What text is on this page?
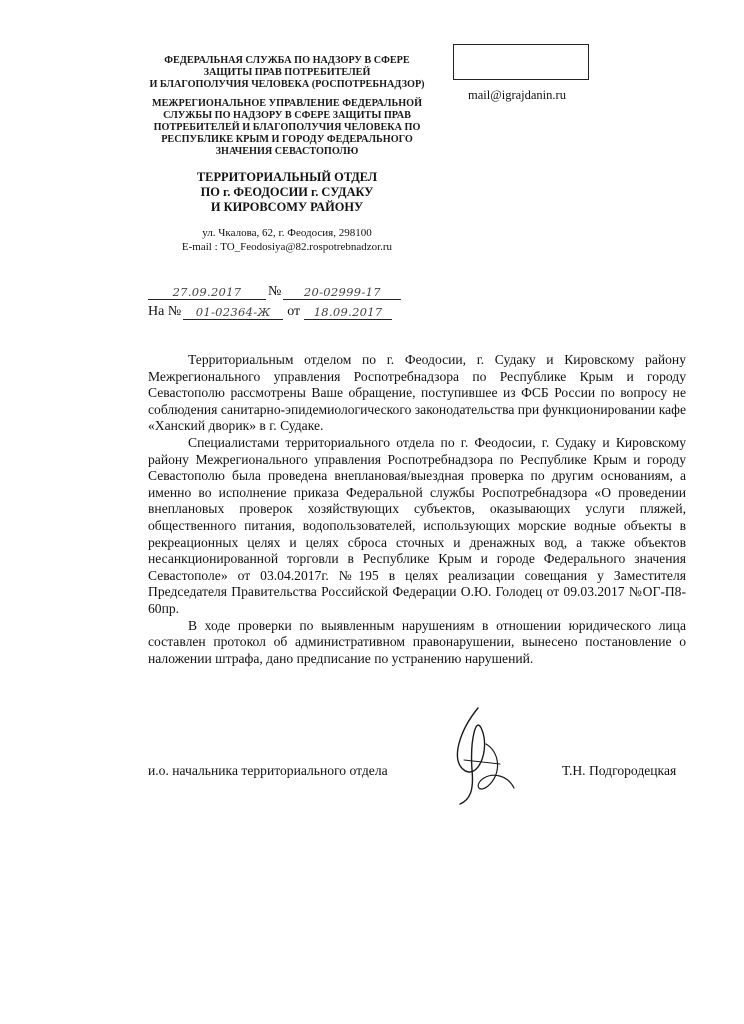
ФЕДЕРАЛЬНАЯ СЛУЖБА ПО НАДЗОРУ В СФЕРЕ
ЗАЩИТЫ ПРАВ ПОТРЕБИТЕЛЕЙ
И БЛАГОПОЛУЧИЯ ЧЕЛОВЕКА (РОСПОТРЕБНАДЗОР)
МЕЖРЕГИОНАЛЬНОЕ УПРАВЛЕНИЕ ФЕДЕРАЛЬНОЙ
СЛУЖБЫ ПО НАДЗОРУ В СФЕРЕ ЗАЩИТЫ ПРАВ
ПОТРЕБИТЕЛЕЙ И БЛАГОПОЛУЧИЯ ЧЕЛОВЕКА ПО
РЕСПУБЛИКЕ КРЫМ И ГОРОДУ ФЕДЕРАЛЬНОГО
ЗНАЧЕНИЯ СЕВАСТОПОЛЮ
ТЕРРИТОРИАЛЬНЫЙ ОТДЕЛ
ПО г. ФЕОДОСИИ г. СУДАКУ
И КИРОВСОМУ РАЙОНУ
ул. Чкалова, 62, г. Феодосия, 298100
E-mail : TO_Feodosiya@82.rospotrebnadzor.ru
mail@igrajdanin.ru
27.09.2017	№	20-02999-17
На №	01-02364-Ж	от	18.09.2017

Территориальным отделом по г. Феодосии, г. Судаку и Кировскому району Межрегионального управления Роспотребнадзора по Республике Крым и городу Севастополю рассмотрены Ваше обращение, поступившее из ФСБ России по вопросу не соблюдения санитарно-эпидемиологического законодательства при функционировании кафе «Ханский дворик» в г. Судаке.

Специалистами территориального отдела по г. Феодосии, г. Судаку и Кировскому району Межрегионального управления Роспотребнадзора по Республике Крым и городу Севастополю была проведена внеплановая/выездная проверка по другим основаниям, а именно во исполнение приказа Федеральной службы Роспотребнадзора «О проведении внеплановых проверок хозяйствующих субъектов, оказывающих услуги пляжей, общественного питания, водопользователей, использующих морские водные объекты в рекреационных целях и целях сброса сточных и дренажных вод, а также объектов несанкционированной торговли в Республике Крым и городе Федерального значения Севастополе» от 03.04.2017г. №195 в целях реализации совещания у Заместителя Председателя Правительства Российской Федерации О.Ю. Голодец от 09.03.2017 №ОГ-П8-60пр.

В ходе проверки по выявленным нарушениям в отношении юридического лица составлен протокол об административном правонарушении, вынесено постановление о наложении штрафа, дано предписание по устранению нарушений.

и.о. начальника территориального отдела	Т.Н. Подгородецкая
